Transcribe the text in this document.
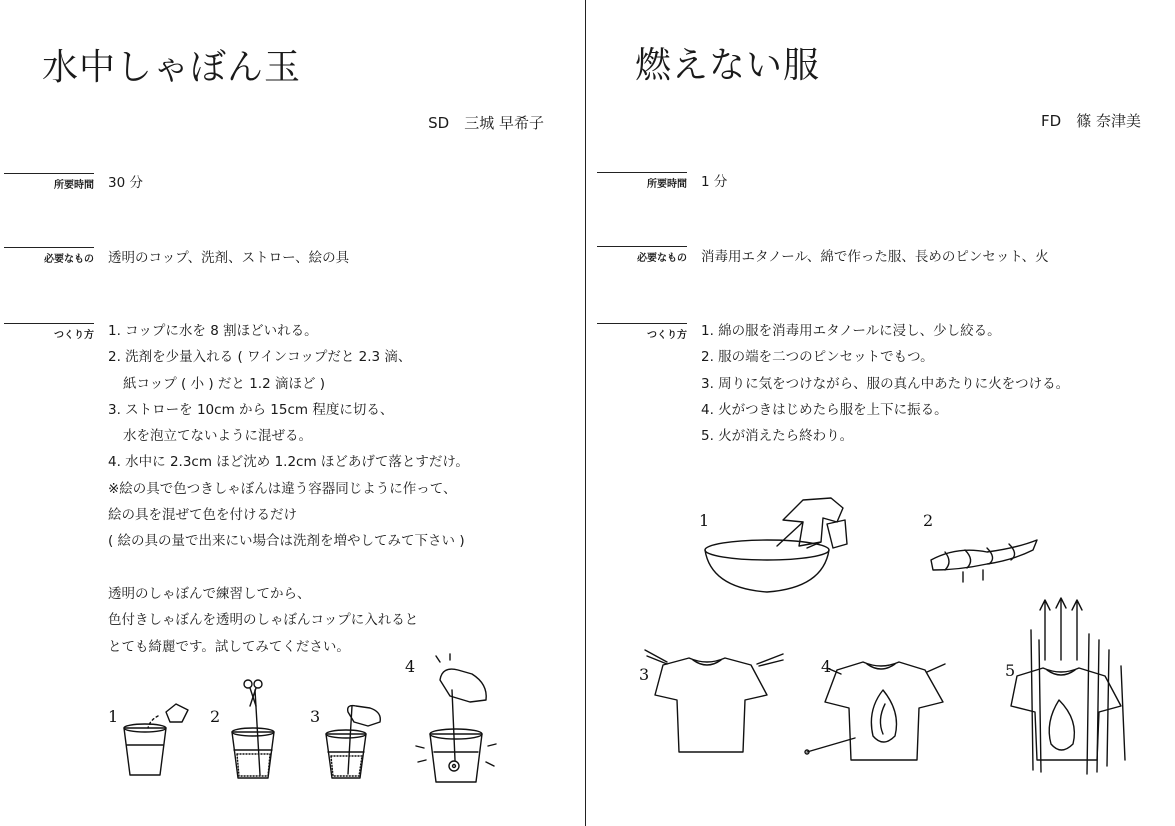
水中しゃぼん玉
SD　三城 早希子
所要時間 30 分
必要なもの 透明のコップ、洗剤、ストロー、絵の具
つくり方 1. コップに水を 8 割ほどいれる。
2. 洗剤を少量入れる ( ワインコップだと 2.3 滴、
紙コップ ( 小 ) だと 1.2 滴ほど )
3. ストローを 10cm から 15cm 程度に切る、
水を泡立てないように混ぜる。
4. 水中に 2.3cm ほど沈め 1.2cm ほどあげて落とすだけ。
※絵の具で色つきしゃぼんは違う容器同じように作って、
絵の具を混ぜて色を付けるだけ
( 絵の具の量で出来にい場合は洗剤を増やしてみて下さい )
透明のしゃぼんで練習してから、
色付きしゃぼんを透明のしゃぼんコップに入れると
とても綺麗です。試してみてください。
1	2	3
4
燃えない服
FD　篠 奈津美
所要時間 1 分
必要なもの 消毒用エタノール、綿で作った服、長めのピンセット、火
つくり方 1. 綿の服を消毒用エタノールに浸し、少し絞る。
2. 服の端を二つのピンセットでもつ。
3. 周りに気をつけながら、服の真ん中あたりに火をつける。
4. 火がつきはじめたら服を上下に振る。
5. 火が消えたら終わり。
1	2
3	4	5
